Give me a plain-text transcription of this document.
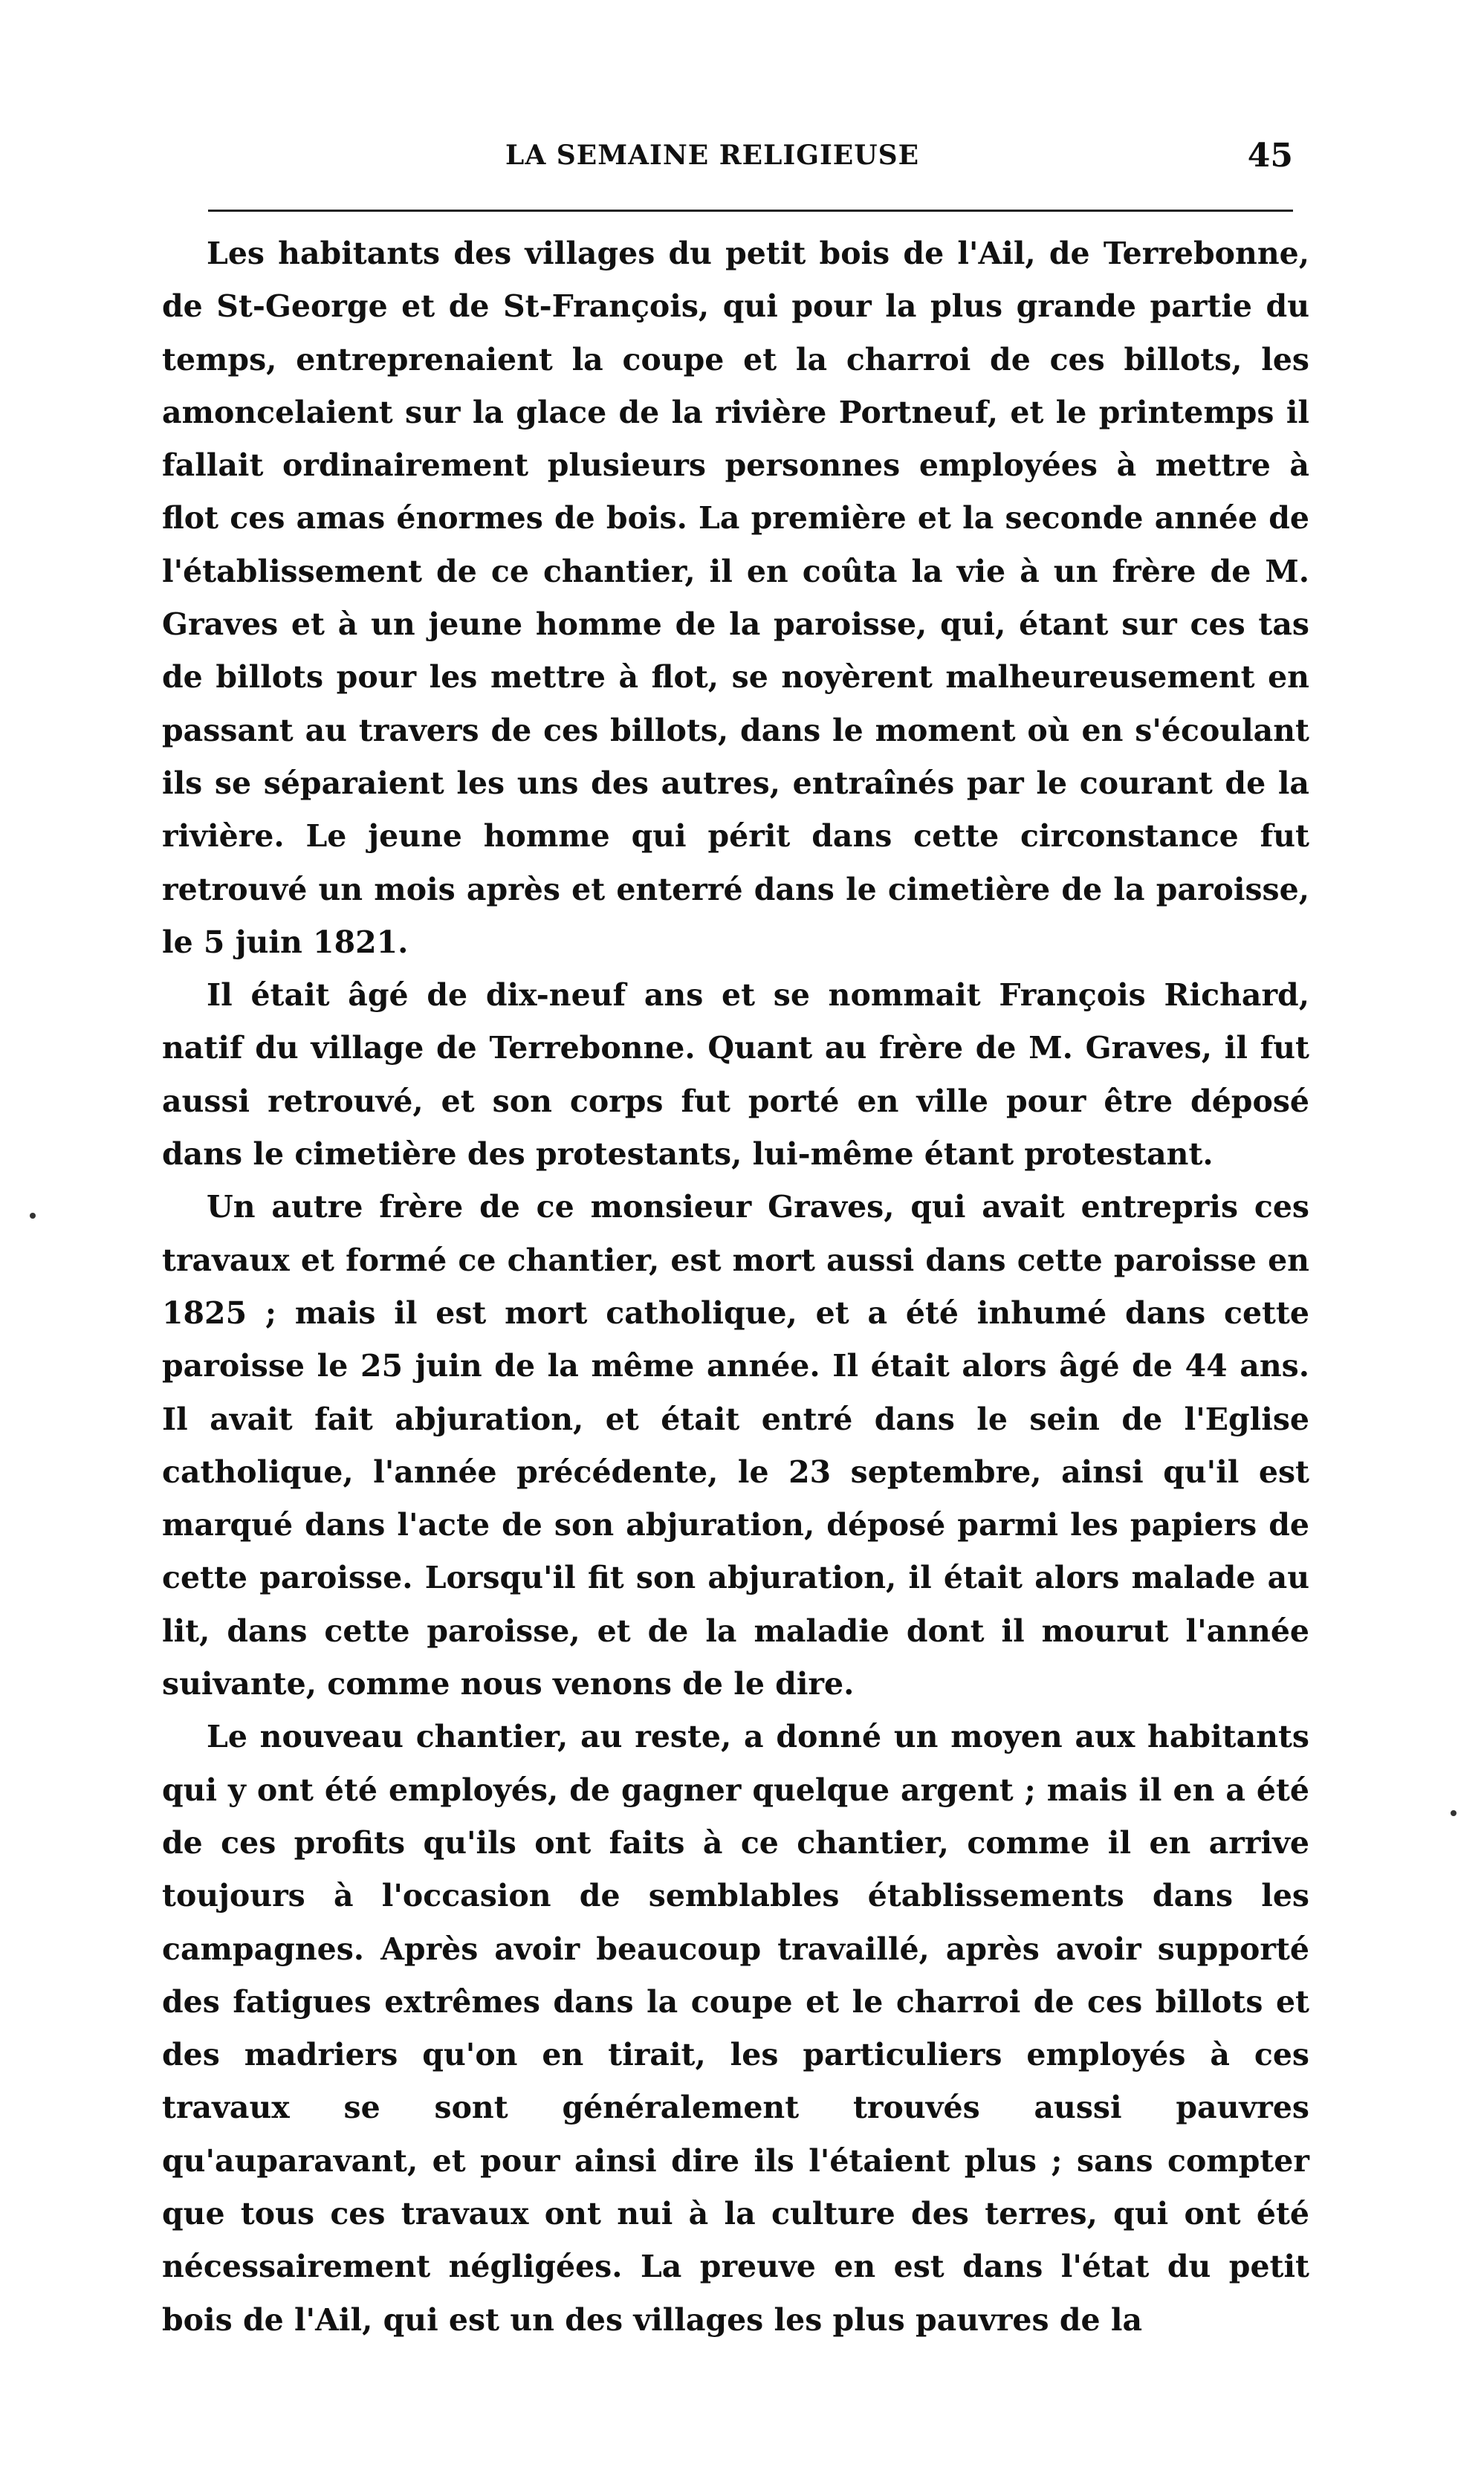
LA SEMAINE RELIGIEUSE	45

Les habitants des villages du petit bois de l'Ail, de Terrebonne, de St-George et de St-François, qui pour la plus grande partie du temps, entreprenaient la coupe et la charroi de ces billots, les amoncelaient sur la glace de la rivière Portneuf, et le printemps il fallait ordinairement plusieurs personnes employées à mettre à flot ces amas énormes de bois. La première et la seconde année de l'établissement de ce chantier, il en coûta la vie à un frère de M. Graves et à un jeune homme de la paroisse, qui, étant sur ces tas de billots pour les mettre à flot, se noyèrent malheureusement en passant au travers de ces billots, dans le moment où en s'écoulant ils se séparaient les uns des autres, entraînés par le courant de la rivière. Le jeune homme qui périt dans cette circonstance fut retrouvé un mois après et enterré dans le cimetière de la paroisse, le 5 juin 1821.

Il était âgé de dix-neuf ans et se nommait François Richard, natif du village de Terrebonne. Quant au frère de M. Graves, il fut aussi retrouvé, et son corps fut porté en ville pour être déposé dans le cimetière des protestants, lui-même étant protestant.

Un autre frère de ce monsieur Graves, qui avait entrepris ces travaux et formé ce chantier, est mort aussi dans cette paroisse en 1825 ; mais il est mort catholique, et a été inhumé dans cette paroisse le 25 juin de la même année. Il était alors âgé de 44 ans. Il avait fait abjuration, et était entré dans le sein de l'Eglise catholique, l'année précédente, le 23 septembre, ainsi qu'il est marqué dans l'acte de son abjuration, déposé parmi les papiers de cette paroisse. Lorsqu'il fit son abjuration, il était alors malade au lit, dans cette paroisse, et de la maladie dont il mourut l'année suivante, comme nous venons de le dire.

Le nouveau chantier, au reste, a donné un moyen aux habitants qui y ont été employés, de gagner quelque argent ; mais il en a été de ces profits qu'ils ont faits à ce chantier, comme il en arrive toujours à l'occasion de semblables établissements dans les campagnes. Après avoir beaucoup travaillé, après avoir supporté des fatigues extrêmes dans la coupe et le charroi de ces billots et des madriers qu'on en tirait, les particuliers employés à ces travaux se sont généralement trouvés aussi pauvres qu'auparavant, et pour ainsi dire ils l'étaient plus ; sans compter que tous ces travaux ont nui à la culture des terres, qui ont été nécessairement négligées. La preuve en est dans l'état du petit bois de l'Ail, qui est un des villages les plus pauvres de la
